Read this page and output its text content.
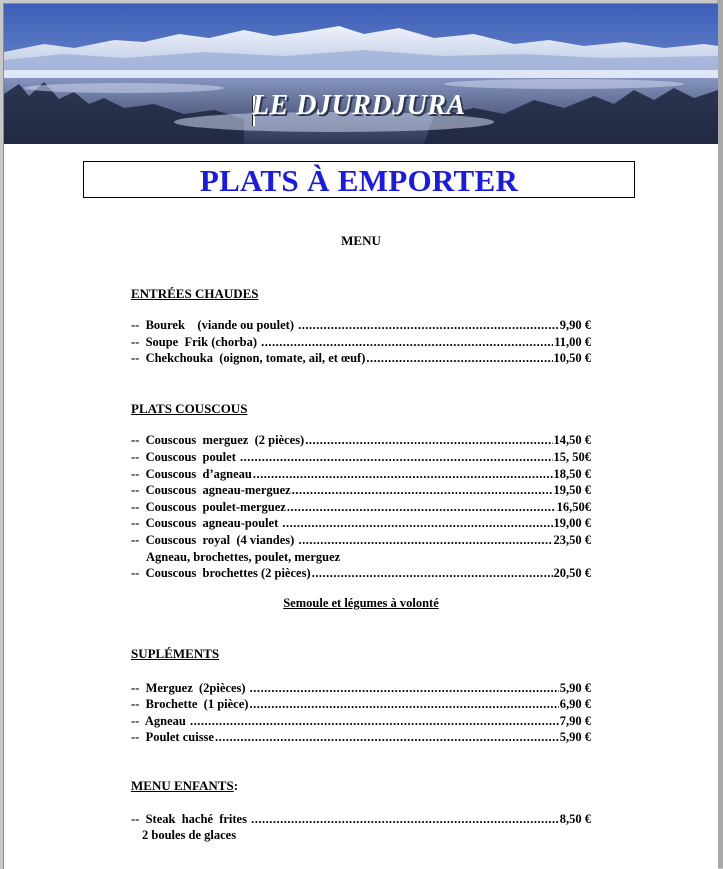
LE DJURDJURA
PLATS À EMPORTER
MENU
ENTRÉES CHAUDES
--  Bourek    (viande ou poulet) .....	9,90 €
--  Soupe  Frik (chorba) .....	11,00 €
--  Chekchouka  (oignon, tomate, ail, et œuf) .....	10,50 €
PLATS COUSCOUS
--  Couscous  merguez  (2 pièces) .....	14,50 €
--  Couscous  poulet .....	15, 50€
--  Couscous  d’agneau .....	18,50 €
--  Couscous  agneau-merguez .....	19,50 €
--  Couscous  poulet-merguez .....	16,50€
--  Couscous  agneau-poulet .....	19,00 €
--  Couscous  royal  (4 viandes) .....	23,50 €
Agneau, brochettes, poulet, merguez
--  Couscous  brochettes (2 pièces) .....	20,50 €
Semoule et légumes à volonté
SUPLÉMENTS
--  Merguez  (2pièces) .....	5,90 €
--  Brochette  (1 pièce) .....	6,90 €
--  Agneau .....	7,90 €
--  Poulet cuisse .....	5,90 €
MENU ENFANTS:
--  Steak  haché  frites .....	8,50 €
2 boules de glaces
